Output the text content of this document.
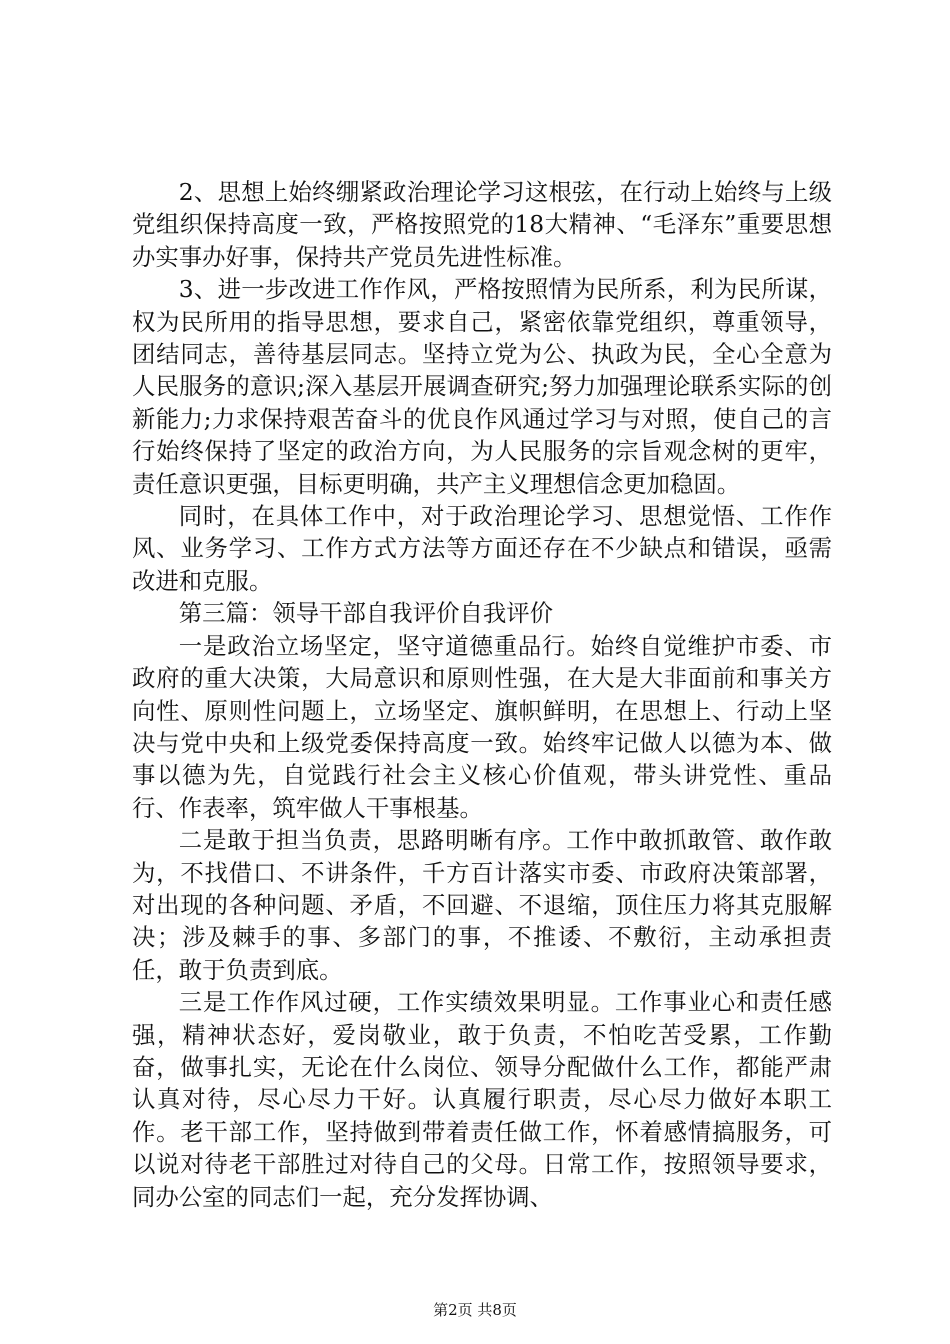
2、思想上始终绷紧政治理论学习这根弦，在行动上始终与上级党组织保持高度一致，严格按照党的18大精神、“毛泽东”重要思想办实事办好事，保持共产党员先进性标准。

3、进一步改进工作作风，严格按照情为民所系，利为民所谋，权为民所用的指导思想，要求自己，紧密依靠党组织，尊重领导，团结同志，善待基层同志。坚持立党为公、执政为民，全心全意为人民服务的意识;深入基层开展调查研究;努力加强理论联系实际的创新能力;力求保持艰苦奋斗的优良作风通过学习与对照，使自己的言行始终保持了坚定的政治方向，为人民服务的宗旨观念树的更牢，责任意识更强，目标更明确，共产主义理想信念更加稳固。

同时，在具体工作中，对于政治理论学习、思想觉悟、工作作风、业务学习、工作方式方法等方面还存在不少缺点和错误，亟需改进和克服。

第三篇：领导干部自我评价自我评价

一是政治立场坚定，坚守道德重品行。始终自觉维护市委、市政府的重大决策，大局意识和原则性强，在大是大非面前和事关方向性、原则性问题上，立场坚定、旗帜鲜明，在思想上、行动上坚决与党中央和上级党委保持高度一致。始终牢记做人以德为本、做事以德为先，自觉践行社会主义核心价值观，带头讲党性、重品行、作表率，筑牢做人干事根基。

二是敢于担当负责，思路明晰有序。工作中敢抓敢管、敢作敢为，不找借口、不讲条件，千方百计落实市委、市政府决策部署，对出现的各种问题、矛盾，不回避、不退缩，顶住压力将其克服解决；涉及棘手的事、多部门的事，不推诿、不敷衍，主动承担责任，敢于负责到底。

三是工作作风过硬，工作实绩效果明显。工作事业心和责任感强，精神状态好，爱岗敬业，敢于负责，不怕吃苦受累，工作勤奋，做事扎实，无论在什么岗位、领导分配做什么工作，都能严肃认真对待，尽心尽力干好。认真履行职责，尽心尽力做好本职工作。老干部工作，坚持做到带着责任做工作，怀着感情搞服务，可以说对待老干部胜过对待自己的父母。日常工作，按照领导要求，同办公室的同志们一起，充分发挥协调、

第2页 共8页
